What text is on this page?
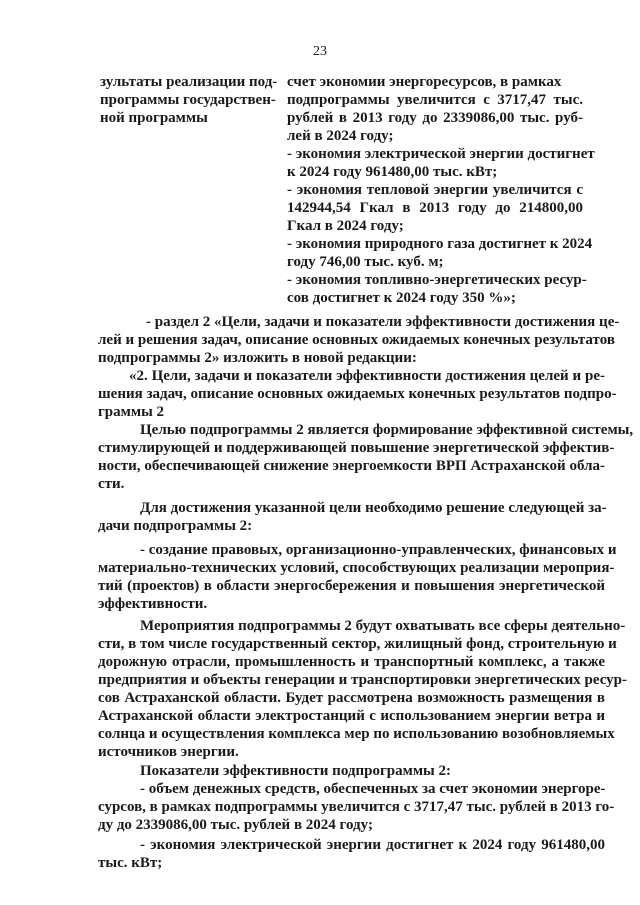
23
зультаты реализации под-
программы государствен-
ной программы
счет экономии энергоресурсов, в рамках
подпрограммы увеличится с 3717,47 тыс.
рублей в 2013 году до 2339086,00 тыс. руб-
лей в 2024 году;
- экономия электрической энергии достигнет
к 2024 году 961480,00 тыс. кВт;
- экономия тепловой энергии увеличится с
142944,54 Гкал в 2013 году до 214800,00
Гкал в 2024 году;
- экономия природного газа достигнет к 2024
году 746,00 тыс. куб. м;
- экономия топливно-энергетических ресур-
сов достигнет к 2024 году 350 %»;
- раздел 2 «Цели, задачи и показатели эффективности достижения це-
лей и решения задач, описание основных ожидаемых конечных результатов
подпрограммы 2» изложить в новой редакции:
«2. Цели, задачи и показатели эффективности достижения целей и ре-
шения задач, описание основных ожидаемых конечных результатов подпро-
граммы 2
Целью подпрограммы 2 является формирование эффективной системы,
стимулирующей и поддерживающей повышение энергетической эффектив-
ности, обеспечивающей снижение энергоемкости ВРП Астраханской обла-
сти.
Для достижения указанной цели необходимо решение следующей за-
дачи подпрограммы 2:
- создание правовых, организационно-управленческих, финансовых и
материально-технических условий, способствующих реализации мероприя-
тий (проектов) в области энергосбережения и повышения энергетической
эффективности.
Мероприятия подпрограммы 2 будут охватывать все сферы деятельно-
сти, в том числе государственный сектор, жилищный фонд, строительную и
дорожную отрасли, промышленность и транспортный комплекс, а также
предприятия и объекты генерации и транспортировки энергетических ресур-
сов Астраханской области. Будет рассмотрена возможность размещения в
Астраханской области электростанций с использованием энергии ветра и
солнца и осуществления комплекса мер по использованию возобновляемых
источников энергии.
Показатели эффективности подпрограммы 2:
- объем денежных средств, обеспеченных за счет экономии энергоре-
сурсов, в рамках подпрограммы увеличится с 3717,47 тыс. рублей в 2013 го-
ду до 2339086,00 тыс. рублей в 2024 году;
- экономия электрической энергии достигнет к 2024 году 961480,00
тыс. кВт;
